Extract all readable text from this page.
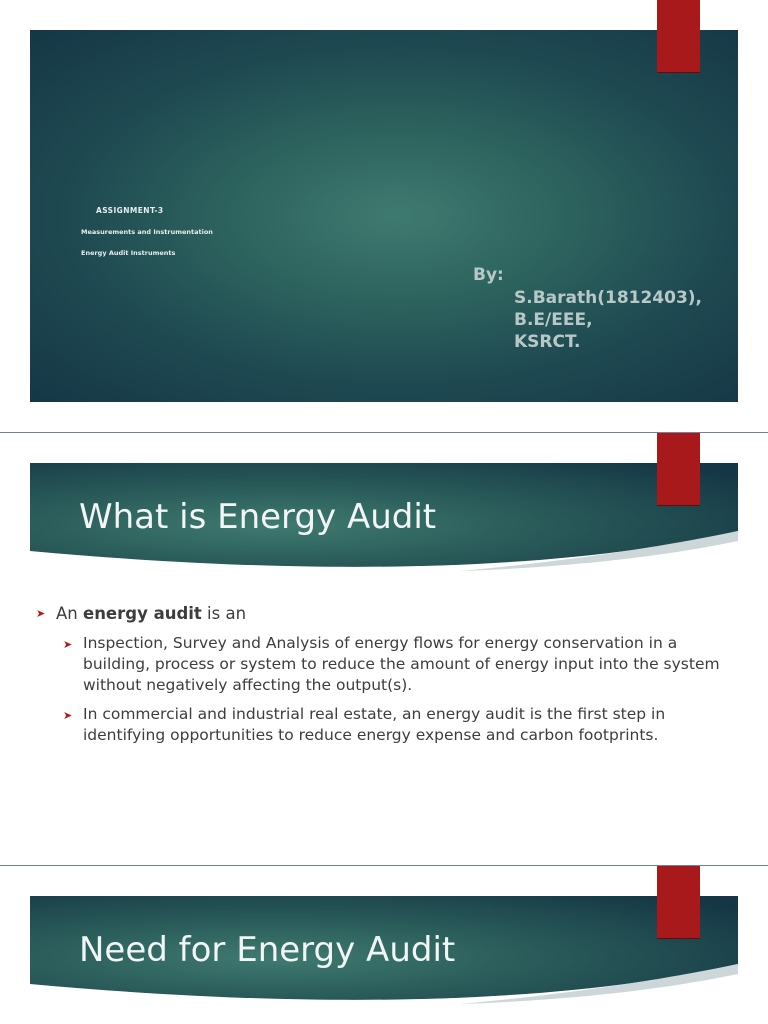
ASSIGNMENT-3
Measurements and Instrumentation
Energy Audit Instruments
By:
S.Barath(1812403),
B.E/EEE,
KSRCT.
What is Energy Audit
➤ An energy audit is an
➤ Inspection, Survey and Analysis of energy flows for energy conservation in a building, process or system to reduce the amount of energy input into the system without negatively affecting the output(s).
➤ In commercial and industrial real estate, an energy audit is the first step in identifying opportunities to reduce energy expense and carbon footprints.
Need for Energy Audit
